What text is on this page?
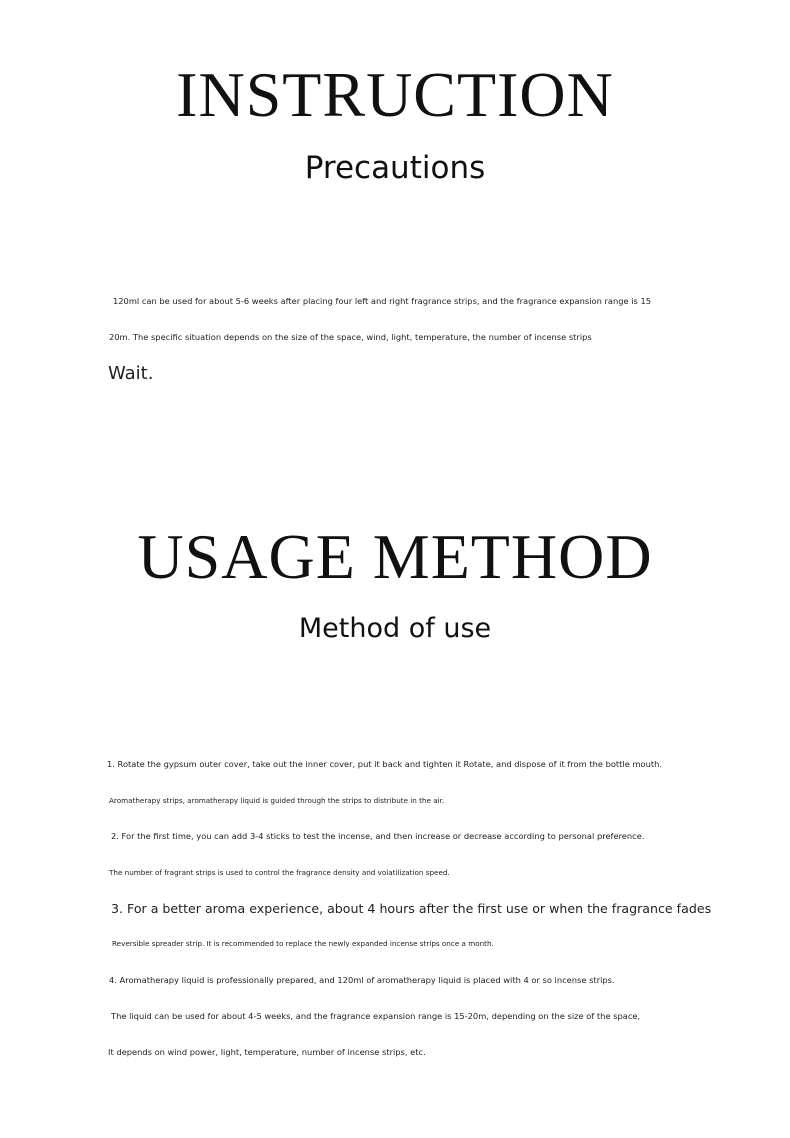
INSTRUCTION
Precautions
120ml can be used for about 5-6 weeks after placing four left and right fragrance strips, and the fragrance expansion range is 15
20m. The specific situation depends on the size of the space, wind, light, temperature, the number of incense strips
Wait.
USAGE METHOD
Method of use
1. Rotate the gypsum outer cover, take out the inner cover, put it back and tighten it Rotate, and dispose of it from the bottle mouth.
Aromatherapy strips, aromatherapy liquid is guided through the strips to distribute in the air.
2. For the first time, you can add 3-4 sticks to test the incense, and then increase or decrease according to personal preference.
The number of fragrant strips is used to control the fragrance density and volatilization speed.
3. For a better aroma experience, about 4 hours after the first use or when the fragrance fades
Reversible spreader strip. It is recommended to replace the newly expanded incense strips once a month.
4. Aromatherapy liquid is professionally prepared, and 120ml of aromatherapy liquid is placed with 4 or so incense strips.
The liquid can be used for about 4-5 weeks, and the fragrance expansion range is 15-20m, depending on the size of the space,
It depends on wind power, light, temperature, number of incense strips, etc.
